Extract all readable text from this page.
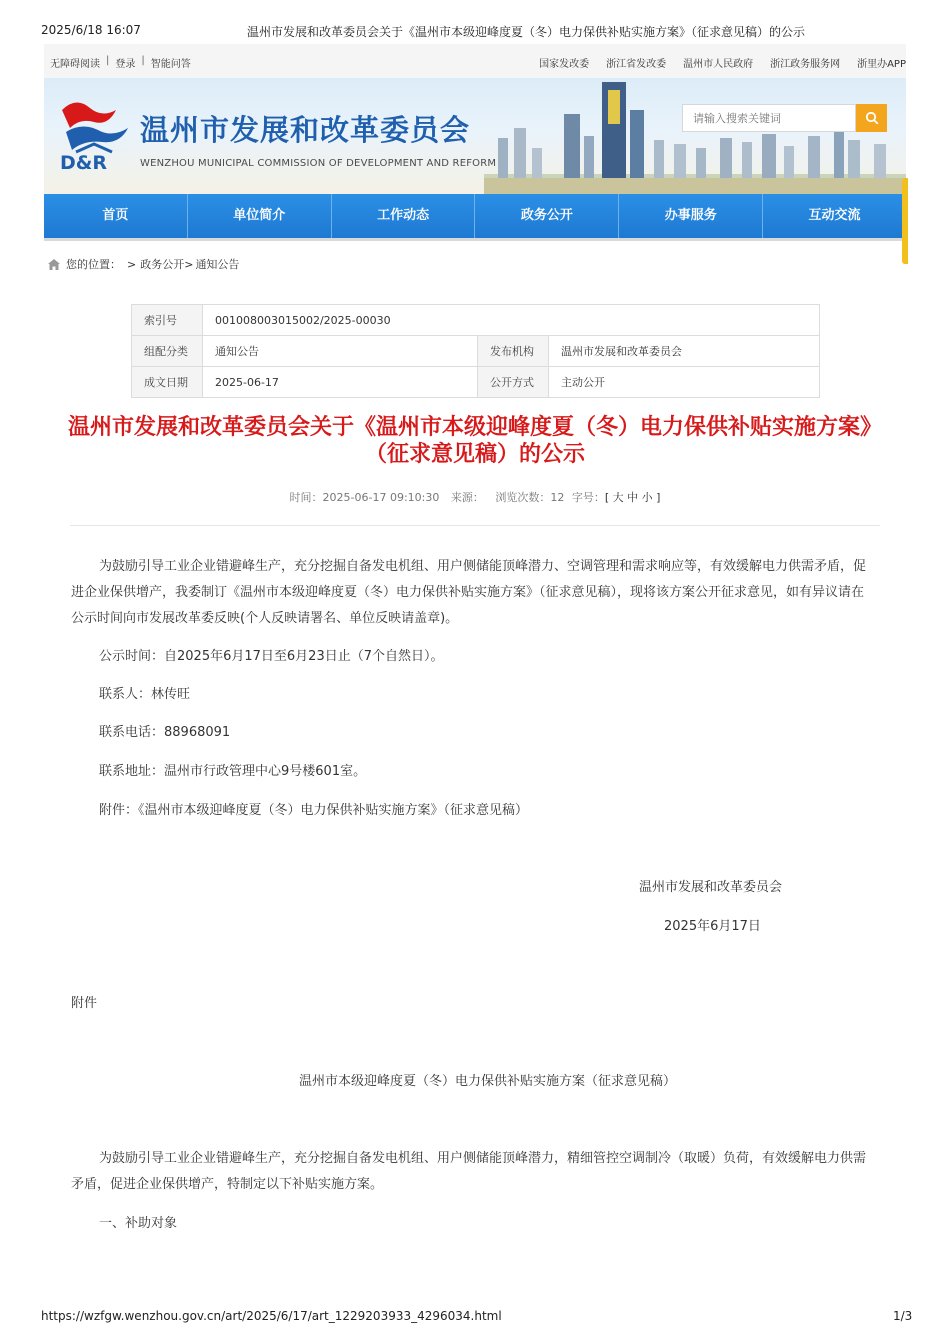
2025/6/18 16:07	温州市发展和改革委员会关于《温州市本级迎峰度夏（冬）电力保供补贴实施方案》（征求意见稿）的公示
无障碍阅读 | 登录 | 智能问答	国家发改委 浙江省发改委 温州市人民政府 浙江政务服务网 浙里办APP
D&R
温州市发展和改革委员会
WENZHOU MUNICIPAL COMMISSION OF DEVELOPMENT AND REFORM
请输入搜索关键词
首页	单位简介	工作动态	政务公开	办事服务	互动交流
您的位置： > 政务公开> 通知公告
索引号	001008003015002/2025-00030		
组配分类	通知公告	发布机构	温州市发展和改革委员会
成文日期	2025-06-17	公开方式	主动公开
温州市发展和改革委员会关于《温州市本级迎峰度夏（冬）电力保供补贴实施方案》（征求意见稿）的公示
时间：2025-06-17 09:10:30 来源： 浏览次数：12 字号：[ 大 中 小 ]
为鼓励引导工业企业错避峰生产，充分挖掘自备发电机组、用户侧储能顶峰潜力、空调管理和需求响应等，有效缓解电力供需矛盾，促进企业保供增产，我委制订《温州市本级迎峰度夏（冬）电力保供补贴实施方案》（征求意见稿），现将该方案公开征求意见，如有异议请在公示时间向市发展改革委反映(个人反映请署名、单位反映请盖章)。
公示时间：自2025年6月17日至6月23日止（7个自然日）。
联系人：林传旺
联系电话：88968091
联系地址：温州市行政管理中心9号楼601室。
附件：《温州市本级迎峰度夏（冬）电力保供补贴实施方案》（征求意见稿）
温州市发展和改革委员会
2025年6月17日
附件
温州市本级迎峰度夏（冬）电力保供补贴实施方案（征求意见稿）
为鼓励引导工业企业错避峰生产，充分挖掘自备发电机组、用户侧储能顶峰潜力，精细管控空调制冷（取暖）负荷，有效缓解电力供需矛盾，促进企业保供增产，特制定以下补贴实施方案。
一、补助对象
https://wzfgw.wenzhou.gov.cn/art/2025/6/17/art_1229203933_4296034.html	1/3
